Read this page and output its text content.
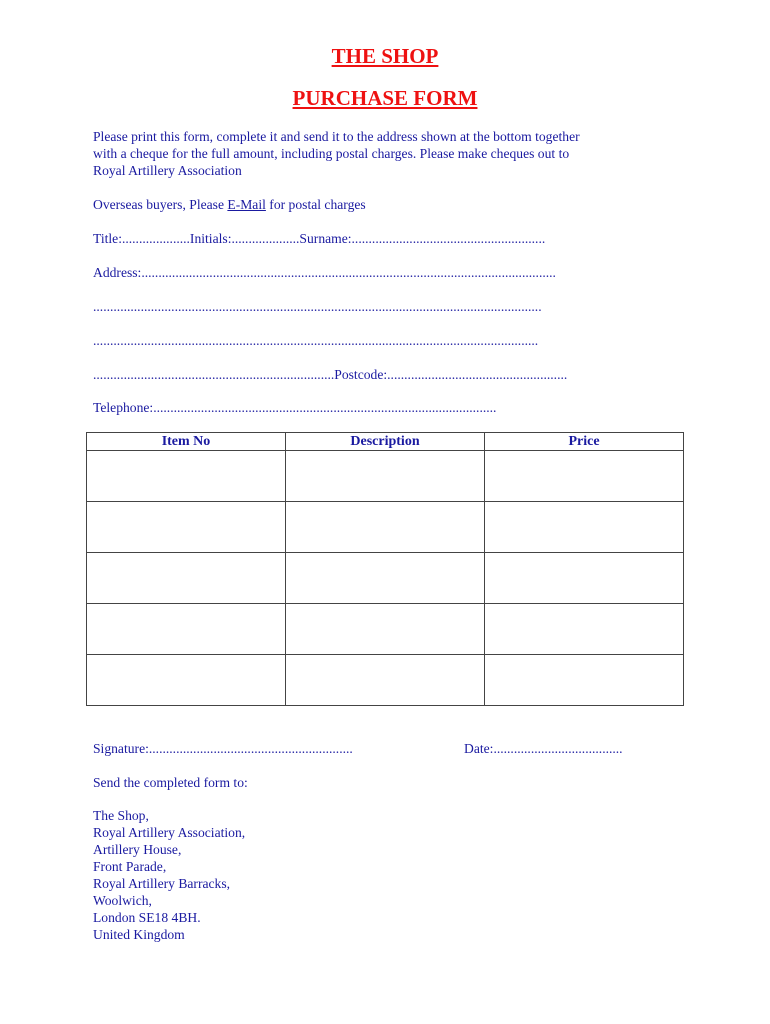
THE SHOP
PURCHASE FORM
Please print this form, complete it and send it to the address shown at the bottom together
with a cheque for the full amount, including postal charges. Please make cheques out to
Royal Artillery Association
Overseas buyers, Please E-Mail for postal charges
Title:....................Initials:....................Surname:.........................................................
Address:..........................................................................................................................
....................................................................................................................................
...................................................................................................................................
.......................................................................Postcode:.....................................................
Telephone:.....................................................................................................
Item No	Description	Price

Signature:............................................................	Date:......................................
Send the completed form to:
The Shop,
Royal Artillery Association,
Artillery House,
Front Parade,
Royal Artillery Barracks,
Woolwich,
London SE18 4BH.
United Kingdom
